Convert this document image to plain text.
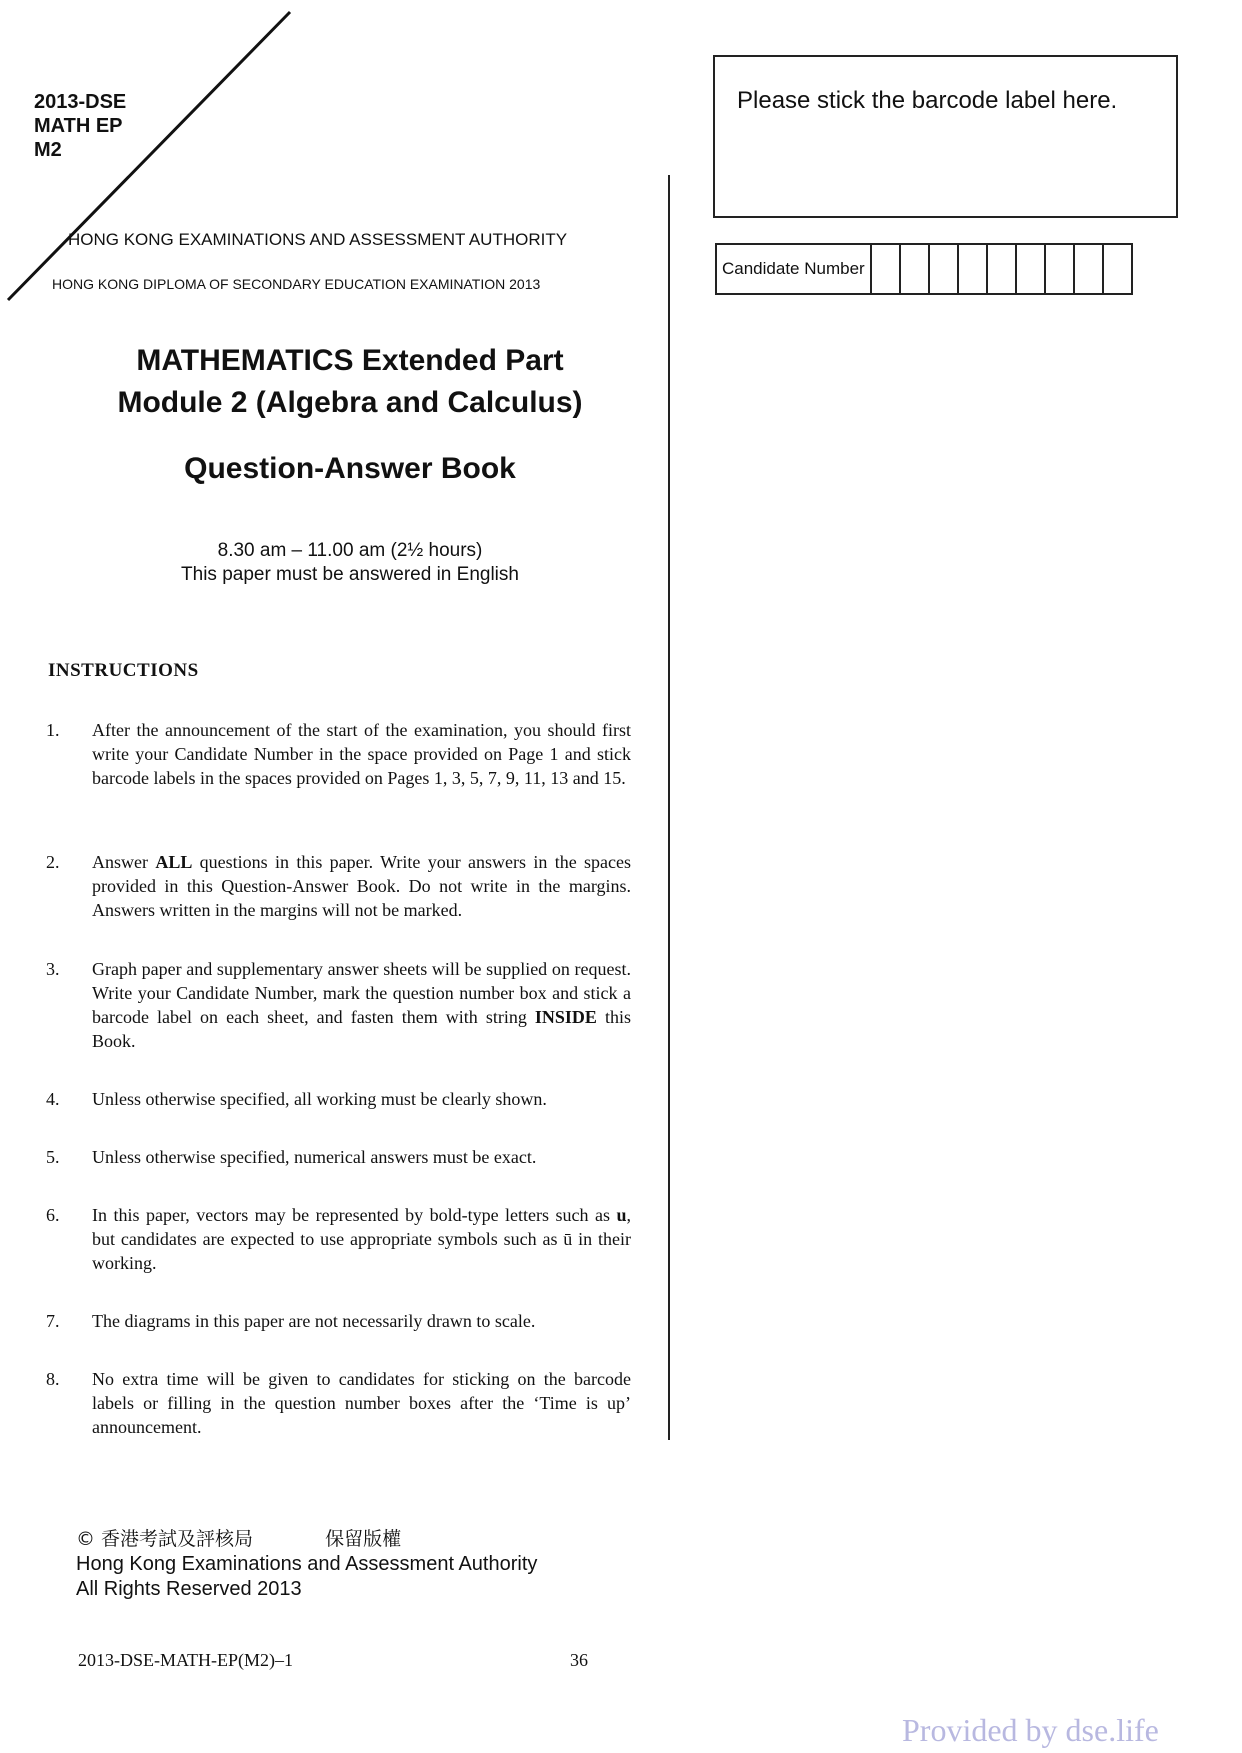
2013-DSE
MATH EP
M2
HONG KONG EXAMINATIONS AND ASSESSMENT AUTHORITY
HONG KONG DIPLOMA OF SECONDARY EDUCATION EXAMINATION 2013
MATHEMATICS Extended Part
Module 2 (Algebra and Calculus)
Question-Answer Book
8.30 am – 11.00 am (2½ hours)
This paper must be answered in English
INSTRUCTIONS
1. After the announcement of the start of the examination, you should first write your Candidate Number in the space provided on Page 1 and stick barcode labels in the spaces provided on Pages 1, 3, 5, 7, 9, 11, 13 and 15.
2. Answer ALL questions in this paper. Write your answers in the spaces provided in this Question-Answer Book. Do not write in the margins. Answers written in the margins will not be marked.
3. Graph paper and supplementary answer sheets will be supplied on request. Write your Candidate Number, mark the question number box and stick a barcode label on each sheet, and fasten them with string INSIDE this Book.
4. Unless otherwise specified, all working must be clearly shown.
5. Unless otherwise specified, numerical answers must be exact.
6. In this paper, vectors may be represented by bold-type letters such as u, but candidates are expected to use appropriate symbols such as ū in their working.
7. The diagrams in this paper are not necessarily drawn to scale.
8. No extra time will be given to candidates for sticking on the barcode labels or filling in the question number boxes after the ‘Time is up’ announcement.
Please stick the barcode label here.
Candidate Number
© 香港考試及評核局	保留版權
Hong Kong Examinations and Assessment Authority
All Rights Reserved 2013
2013-DSE-MATH-EP(M2)–1	36
Provided by dse.life
